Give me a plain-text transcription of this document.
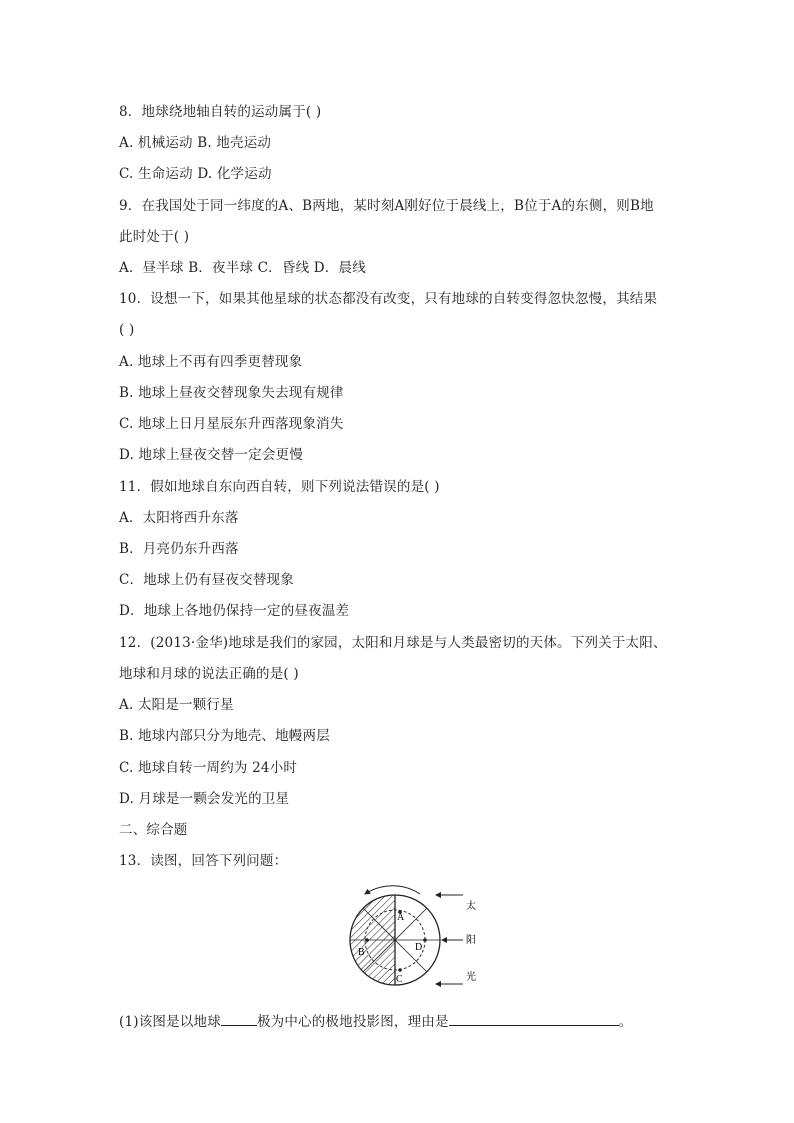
8．地球绕地轴自转的运动属于( )
A. 机械运动 B. 地壳运动
C. 生命运动 D. 化学运动
9．在我国处于同一纬度的A、B两地，某时刻A刚好位于晨线上，B位于A的东侧，则B地
此时处于( )
A．昼半球 B．夜半球 C．昏线 D．晨线
10．设想一下，如果其他星球的状态都没有改变，只有地球的自转变得忽快忽慢，其结果
( )
A. 地球上不再有四季更替现象
B. 地球上昼夜交替现象失去现有规律
C. 地球上日月星辰东升西落现象消失
D. 地球上昼夜交替一定会更慢
11．假如地球自东向西自转，则下列说法错误的是( )
A．太阳将西升东落
B．月亮仍东升西落
C．地球上仍有昼夜交替现象
D．地球上各地仍保持一定的昼夜温差
12．(2013·金华)地球是我们的家园，太阳和月球是与人类最密切的天体。下列关于太阳、
地球和月球的说法正确的是( )
A. 太阳是一颗行星
B. 地球内部只分为地壳、地幔两层
C. 地球自转一周约为 24小时
D. 月球是一颗会发光的卫星
二、综合题
13．读图，回答下列问题：
A
B
C
D
太
阳
光
(1)该图是以地球	极为中心的极地投影图，理由是	。
